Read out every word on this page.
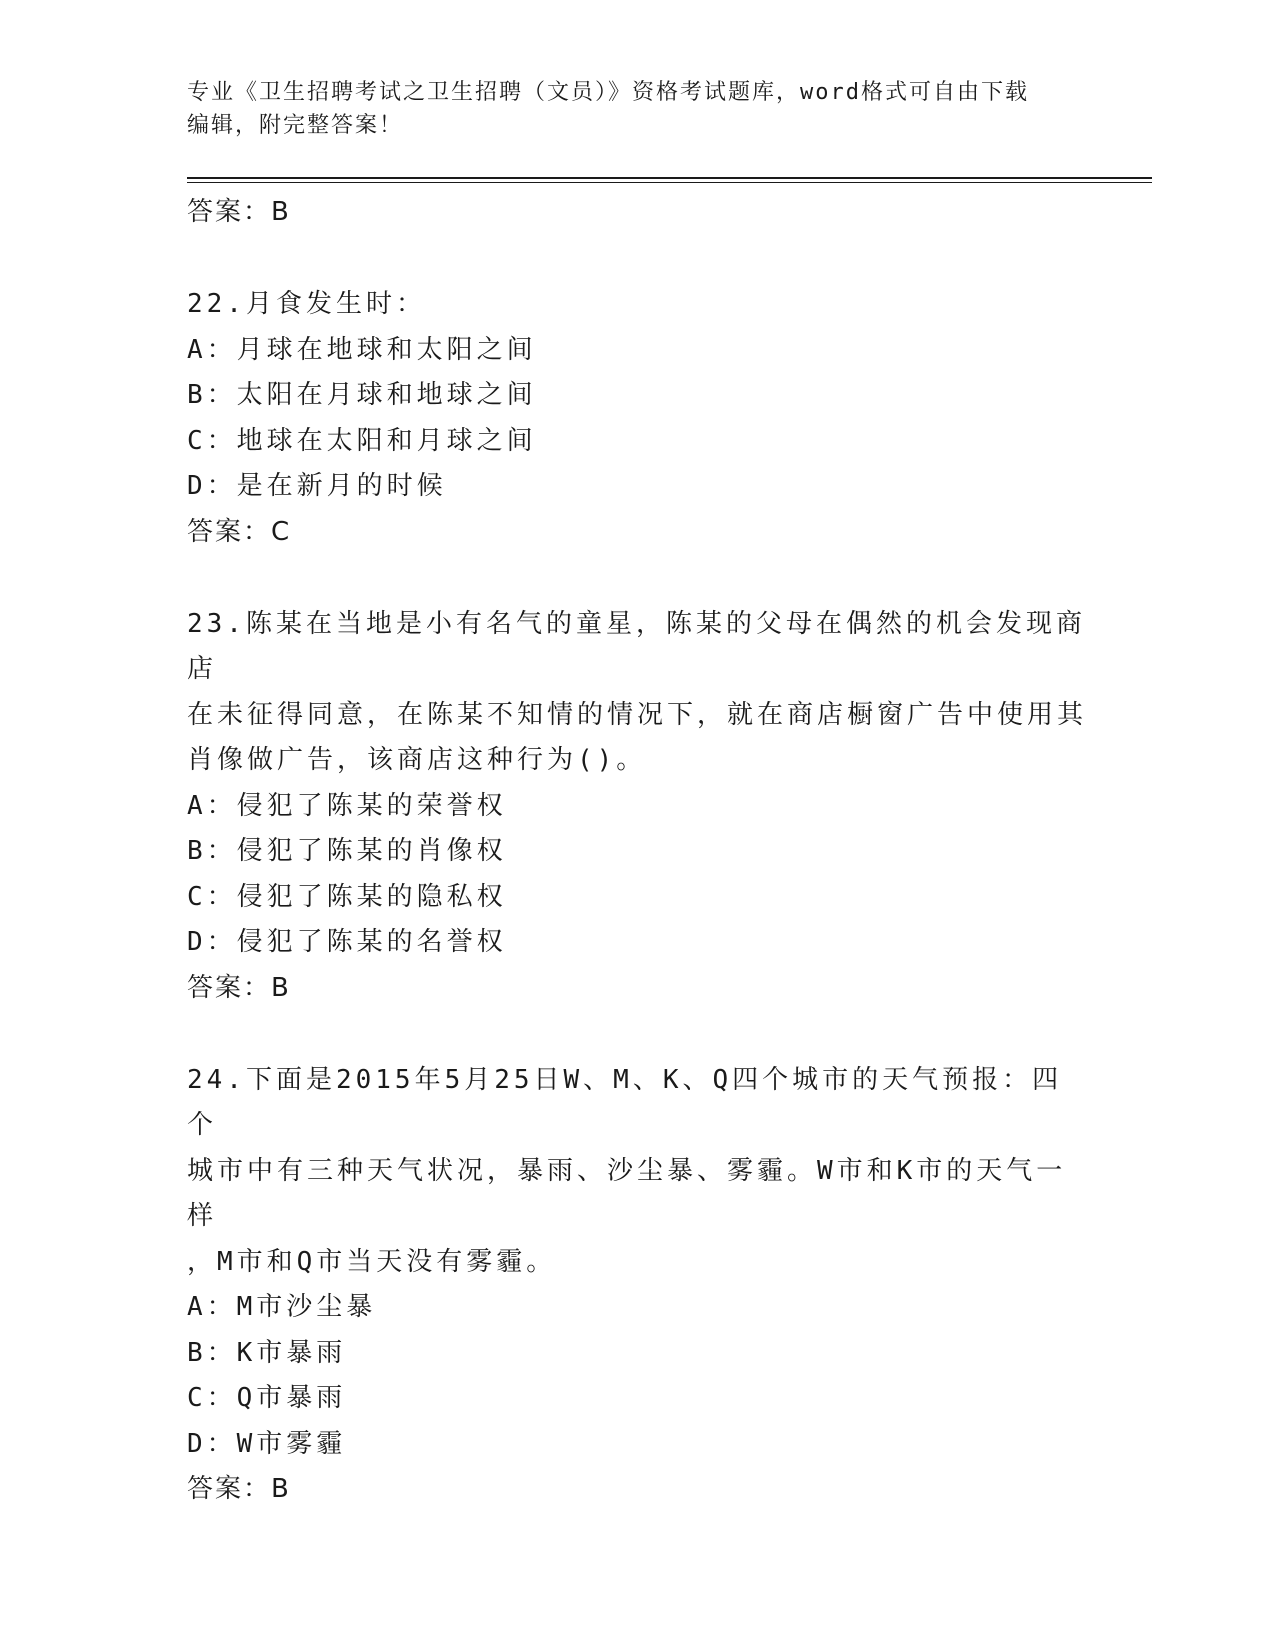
专业《卫生招聘考试之卫生招聘（文员）》资格考试题库，word格式可自由下载
编辑，附完整答案！
答案：B
22.月食发生时：
A：月球在地球和太阳之间
B：太阳在月球和地球之间
C：地球在太阳和月球之间
D：是在新月的时候
答案：C
23.陈某在当地是小有名气的童星，陈某的父母在偶然的机会发现商店
在未征得同意，在陈某不知情的情况下，就在商店橱窗广告中使用其
肖像做广告，该商店这种行为()。
A：侵犯了陈某的荣誉权
B：侵犯了陈某的肖像权
C：侵犯了陈某的隐私权
D：侵犯了陈某的名誉权
答案：B
24.下面是2015年5月25日W、M、K、Q四个城市的天气预报：四个
城市中有三种天气状况，暴雨、沙尘暴、雾霾。W市和K市的天气一样
，M市和Q市当天没有雾霾。
A：M市沙尘暴
B：K市暴雨
C：Q市暴雨
D：W市雾霾
答案：B
